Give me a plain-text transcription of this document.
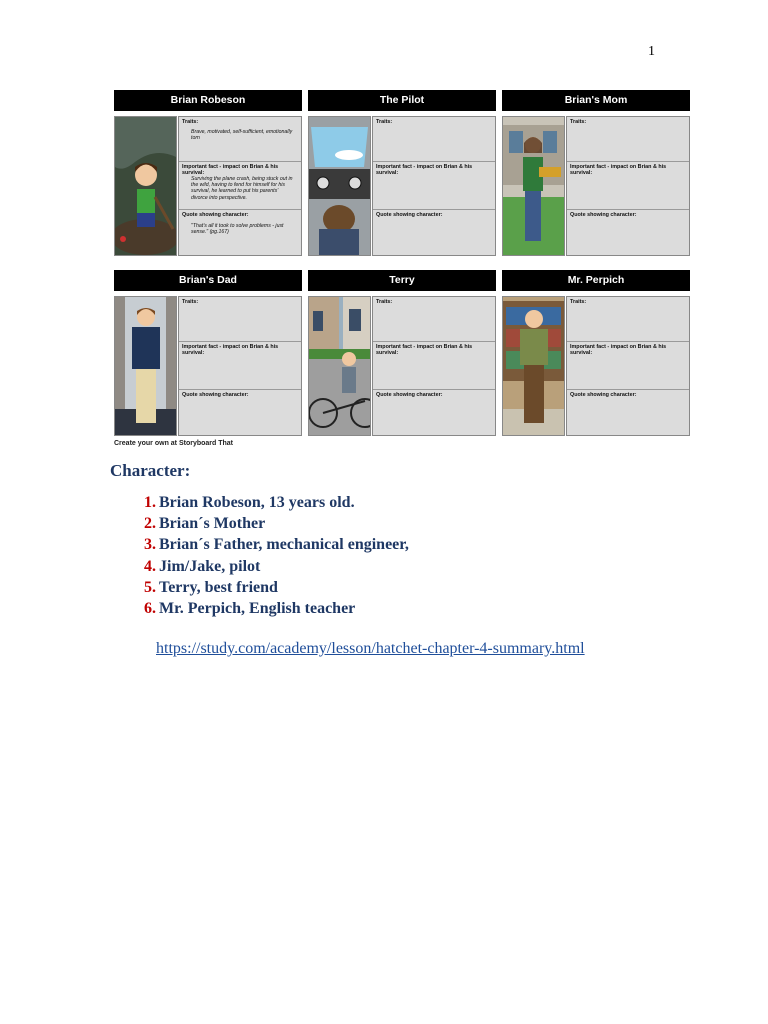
1
Brian Robeson
Traits:
Brave, motivated, self-sufficient, emotionally torn
Important fact - impact on Brian & his survival:
Surviving the plane crash, being stuck out in the wild, having to fend for himself for his survival, he learned to put his parents' divorce into perspective.
Quote showing character:
"That's all it took to solve problems - just sense." (pg.167)
The Pilot
Traits:
Important fact - impact on Brian & his survival:
Quote showing character:
Brian's Mom
Traits:
Important fact - impact on Brian & his survival:
Quote showing character:
Brian's Dad
Traits:
Important fact - impact on Brian & his survival:
Quote showing character:
Terry
Traits:
Important fact - impact on Brian & his survival:
Quote showing character:
Mr. Perpich
Traits:
Important fact - impact on Brian & his survival:
Quote showing character:
Create your own at Storyboard That
Character:
1 . Brian Robeson, 13 years old.
2 . Brian´s Mother
3 . Brian´s Father, mechanical engineer,
4 . Jim/Jake, pilot
5 . Terry, best friend
6 . Mr. Perpich, English teacher
https://study.com/academy/lesson/hatchet-chapter-4-summary.html
